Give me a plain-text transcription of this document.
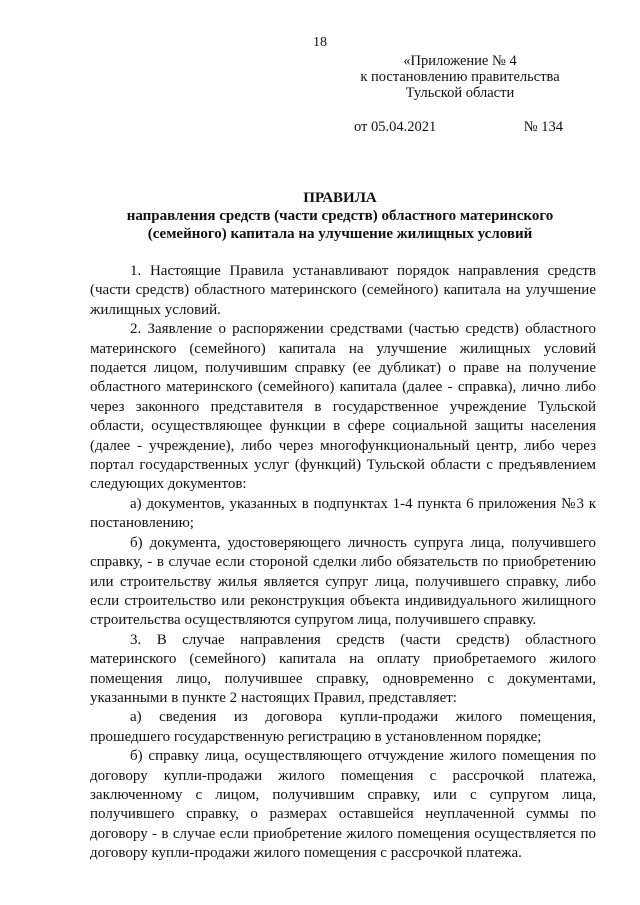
18
«Приложение № 4
к постановлению правительства
Тульской области
от 05.04.2021	№ 134
ПРАВИЛА
направления средств (части средств) областного материнского
(семейного) капитала на улучшение жилищных условий

1. Настоящие Правила устанавливают порядок направления средств (части средств) областного материнского (семейного) капитала на улучшение жилищных условий.

2. Заявление о распоряжении средствами (частью средств) областного материнского (семейного) капитала на улучшение жилищных условий подается лицом, получившим справку (ее дубликат) о праве на получение областного материнского (семейного) капитала (далее - справка), лично либо через законного представителя в государственное учреждение Тульской области, осуществляющее функции в сфере социальной защиты населения (далее - учреждение), либо через многофункциональный центр, либо через портал государственных услуг (функций) Тульской области с предъявлением следующих документов:

а) документов, указанных в подпунктах 1-4 пункта 6 приложения №3 к постановлению;

б) документа, удостоверяющего личность супруга лица, получившего справку, - в случае если стороной сделки либо обязательств по приобретению или строительству жилья является супруг лица, получившего справку, либо если строительство или реконструкция объекта индивидуального жилищного строительства осуществляются супругом лица, получившего справку.

3. В случае направления средств (части средств) областного материнского (семейного) капитала на оплату приобретаемого жилого помещения лицо, получившее справку, одновременно с документами, указанными в пункте 2 настоящих Правил, представляет:

а) сведения из договора купли-продажи жилого помещения, прошедшего государственную регистрацию в установленном порядке;

б) справку лица, осуществляющего отчуждение жилого помещения по договору купли-продажи жилого помещения с рассрочкой платежа, заключенному с лицом, получившим справку, или с супругом лица, получившего справку, о размерах оставшейся неуплаченной суммы по договору - в случае если приобретение жилого помещения осуществляется по договору купли-продажи жилого помещения с рассрочкой платежа.
